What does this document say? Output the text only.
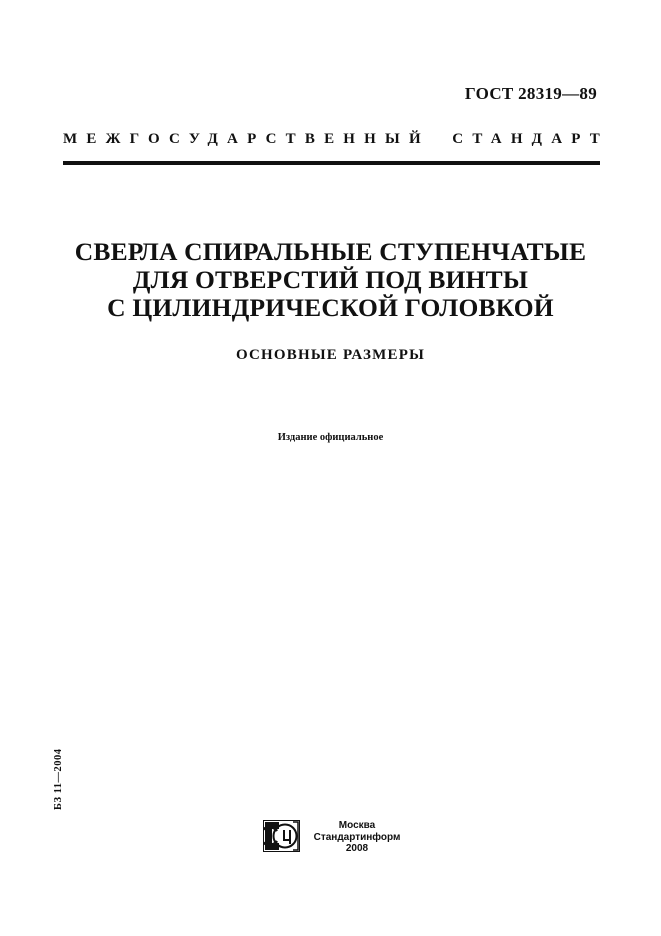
ГОСТ 28319—89
МЕЖГОСУДАРСТВЕННЫЙ СТАНДАРТ
СВЕРЛА СПИРАЛЬНЫЕ СТУПЕНЧАТЫЕ
ДЛЯ ОТВЕРСТИЙ ПОД ВИНТЫ
С ЦИЛИНДРИЧЕСКОЙ ГОЛОВКОЙ
ОСНОВНЫЕ РАЗМЕРЫ
Издание официальное
БЗ 11—2004
Москва
Стандартинформ
2008
